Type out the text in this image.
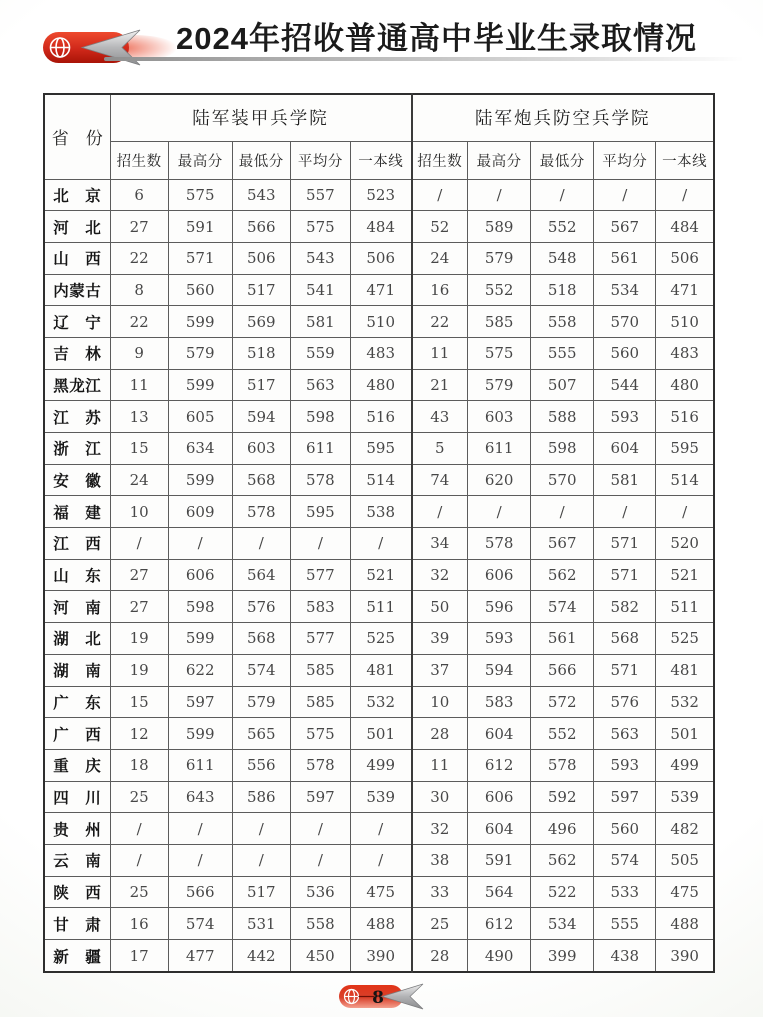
2024年招收普通高中毕业生录取情况
省　份	陆军装甲兵学院					陆军炮兵防空兵学院				
	招生数	最高分	最低分	平均分	一本线	招生数	最高分	最低分	平均分	一本线
北　京	6	575	543	557	523	/	/	/	/	/
河　北	27	591	566	575	484	52	589	552	567	484
山　西	22	571	506	543	506	24	579	548	561	506
内蒙古	8	560	517	541	471	16	552	518	534	471
辽　宁	22	599	569	581	510	22	585	558	570	510
吉　林	9	579	518	559	483	11	575	555	560	483
黑龙江	11	599	517	563	480	21	579	507	544	480
江　苏	13	605	594	598	516	43	603	588	593	516
浙　江	15	634	603	611	595	5	611	598	604	595
安　徽	24	599	568	578	514	74	620	570	581	514
福　建	10	609	578	595	538	/	/	/	/	/
江　西	/	/	/	/	/	34	578	567	571	520
山　东	27	606	564	577	521	32	606	562	571	521
河　南	27	598	576	583	511	50	596	574	582	511
湖　北	19	599	568	577	525	39	593	561	568	525
湖　南	19	622	574	585	481	37	594	566	571	481
广　东	15	597	579	585	532	10	583	572	576	532
广　西	12	599	565	575	501	28	604	552	563	501
重　庆	18	611	556	578	499	11	612	578	593	499
四　川	25	643	586	597	539	30	606	592	597	539
贵　州	/	/	/	/	/	32	604	496	560	482
云　南	/	/	/	/	/	38	591	562	574	505
陕　西	25	566	517	536	475	33	564	522	533	475
甘　肃	16	574	531	558	488	25	612	534	555	488
新　疆	17	477	442	450	390	28	490	399	438	390
8
